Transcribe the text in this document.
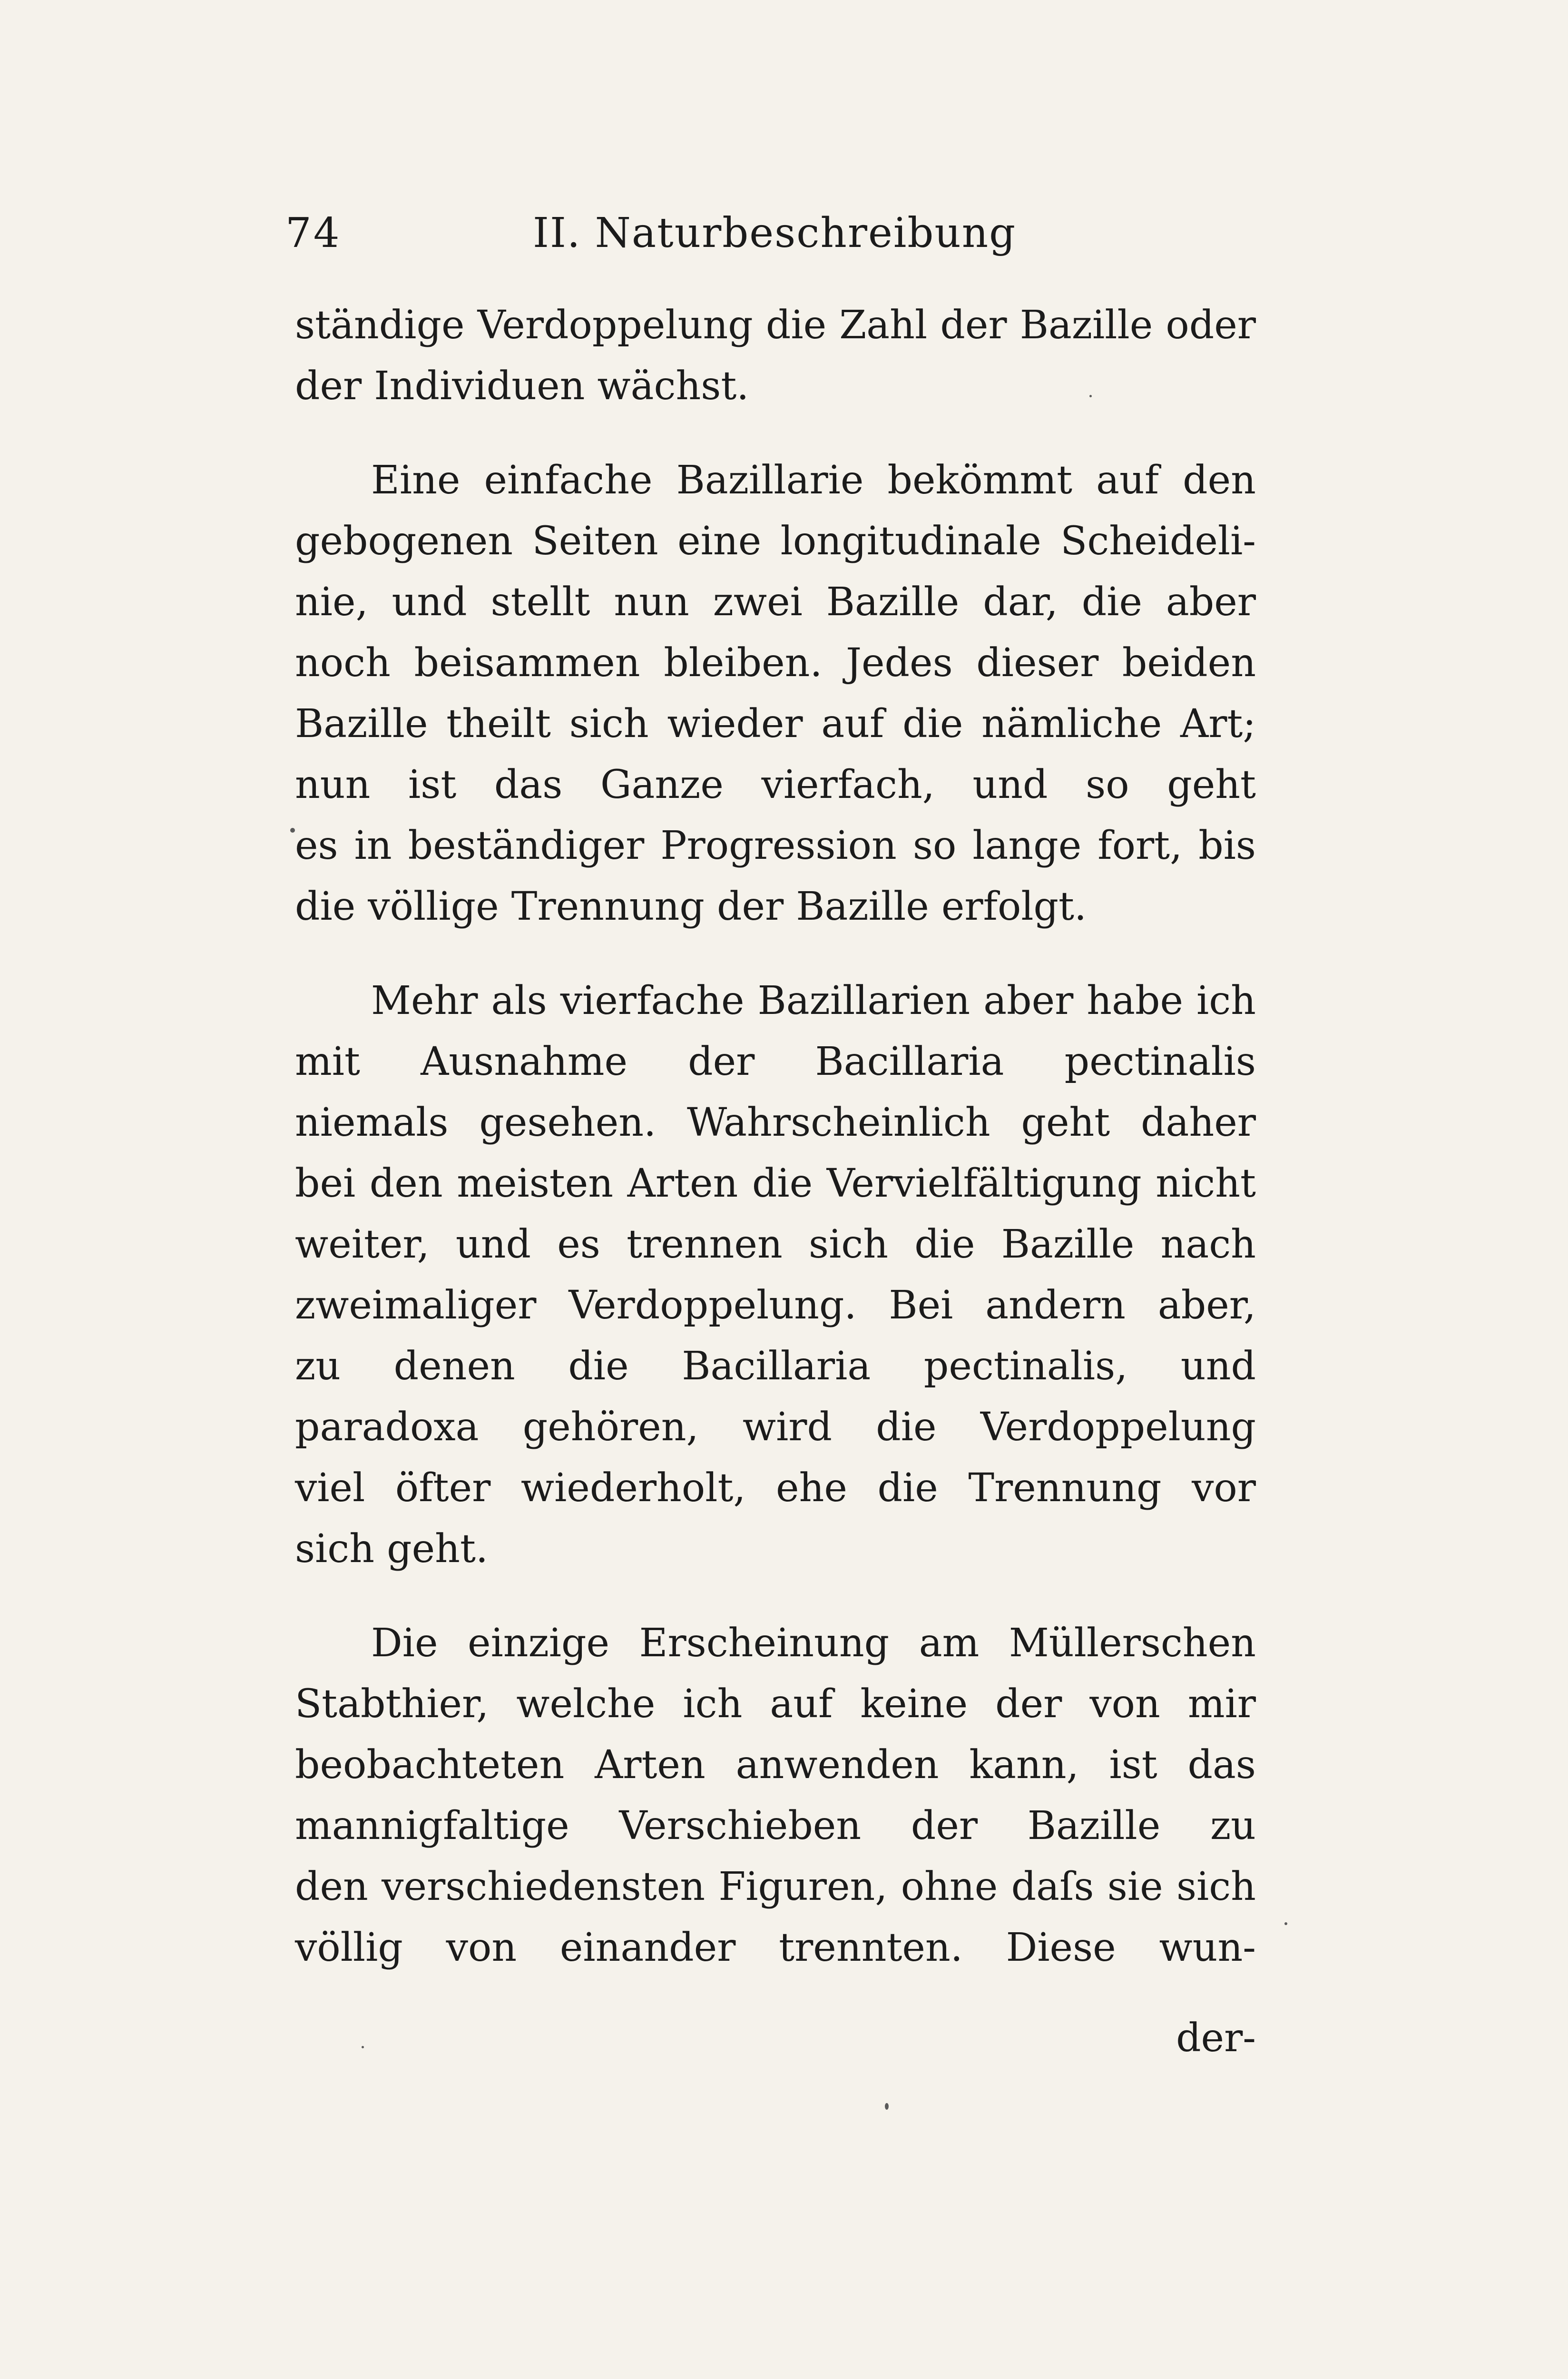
74	II. Naturbeschreibung
ständige Verdoppelung die Zahl der Bazille oder
der Individuen wächst.
Eine einfache Bazillarie bekömmt auf den
gebogenen Seiten eine longitudinale Scheideli-
nie, und stellt nun zwei Bazille dar, die aber
noch beisammen bleiben. Jedes dieser beiden
Bazille theilt sich wieder auf die nämliche Art;
nun ist das Ganze vierfach, und so geht
es in beständiger Progression so lange fort, bis
die völlige Trennung der Bazille erfolgt.
Mehr als vierfache Bazillarien aber habe ich
mit Ausnahme der Bacillaria pectinalis
niemals gesehen. Wahrscheinlich geht daher
bei den meisten Arten die Vervielfältigung nicht
weiter, und es trennen sich die Bazille nach
zweimaliger Verdoppelung. Bei andern aber,
zu denen die Bacillaria pectinalis, und
paradoxa gehören, wird die Verdoppelung
viel öfter wiederholt, ehe die Trennung vor
sich geht.
Die einzige Erscheinung am Müllerschen
Stabthier, welche ich auf keine der von mir
beobachteten Arten anwenden kann, ist das
mannigfaltige Verschieben der Bazille zu
den verschiedensten Figuren, ohne daſs sie sich
völlig von einander trennten. Diese wun-
der-
